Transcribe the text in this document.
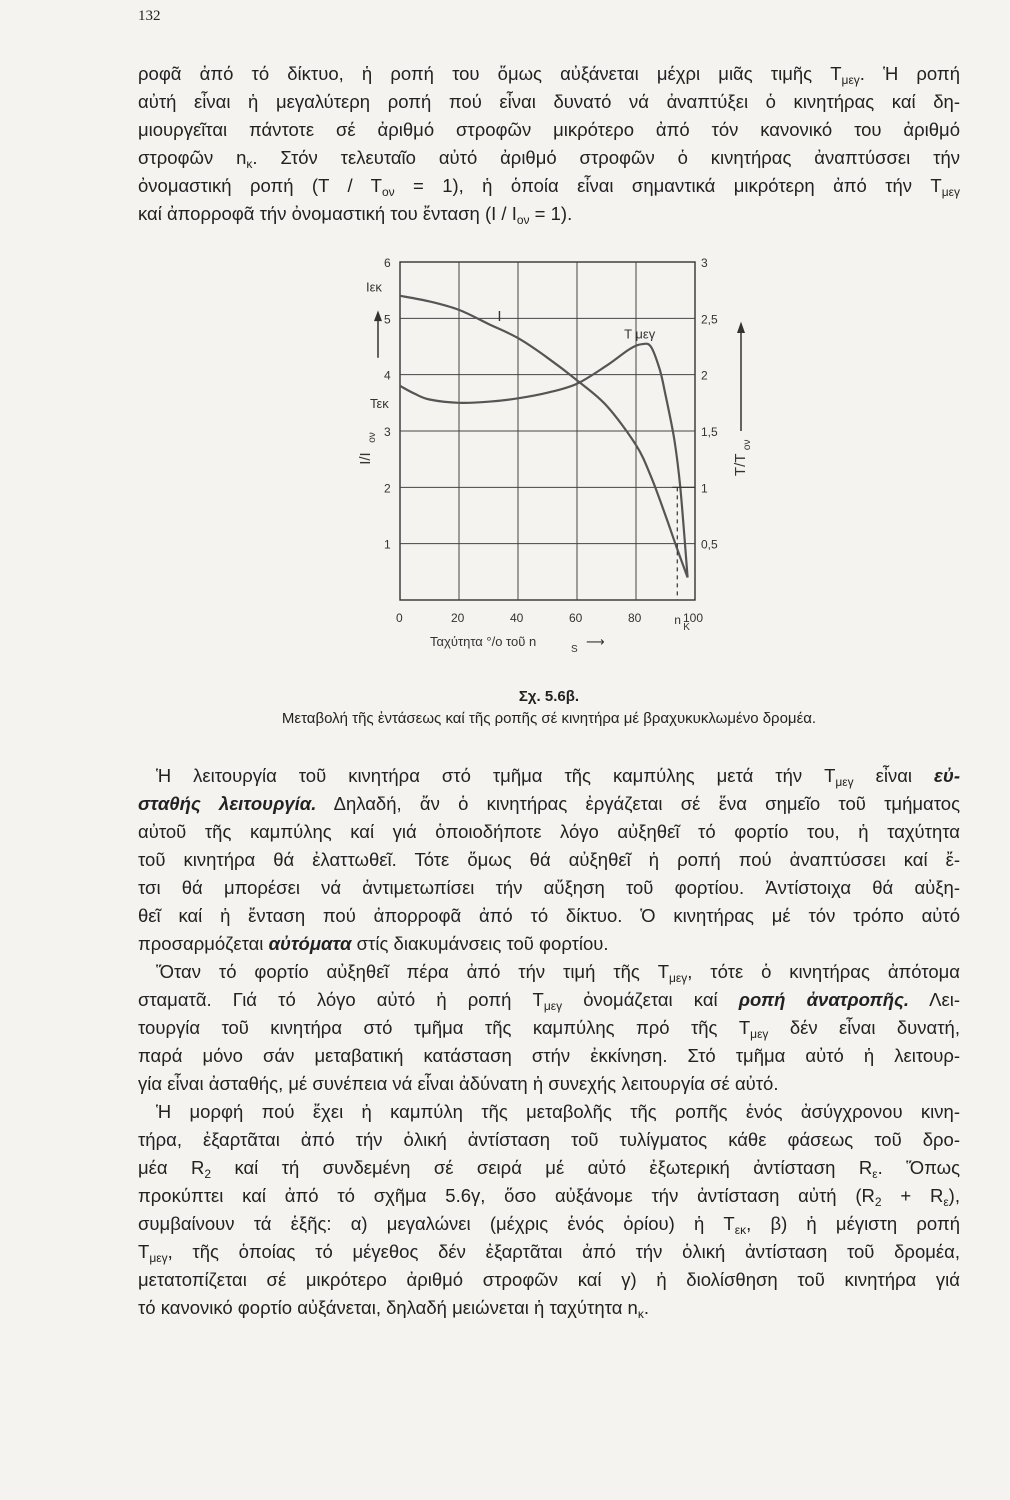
132

ροφᾶ ἀπό τό δίκτυο, ἡ ροπή του ὅμως αὐξάνεται μέχρι μιᾶς τιμῆς $T_{\mu\varepsilon\gamma}$. Ἡ ροπή

αὐτή εἶναι ἡ μεγαλύτερη ροπή πού εἶναι δυνατό νά ἀναπτύξει ὁ κινητήρας καί δη-

μιουργεῖται πάντοτε σέ ἀριθμό στροφῶν μικρότερο ἀπό τόν κανονικό του ἀριθμό

στροφῶν $n_\kappa$. Στόν τελευταῖο αὐτό ἀριθμό στροφῶν ὁ κινητήρας ἀναπτύσσει τήν

ὀνομαστική ροπή $(T / T_{o\nu} = 1)$, ἡ ὁποία εἶναι σημαντικά μικρότερη ἀπό τήν $T_{\mu\varepsilon\gamma}$

καί ἀπορροφᾶ τήν ὀνομαστική του ἔνταση $(I / I_{o\nu} = 1)$.

1
2
3
4
5
6
0,5
1
1,5
2
2,5
3
0	20	40	60	80	n
K
100
Ταχύτητα °/ο τοῦ n
S
⟶
I/I
ον
T/T
ον
I
T μεγ
Ιεκ
Τεκ
Σχ. 5.6β.
Μεταβολή τῆς ἐντάσεως καί τῆς ροπῆς σέ κινητήρα μέ βραχυκυκλωμένο δρομέα.

Ἡ λειτουργία τοῦ κινητήρα στό τμῆμα τῆς καμπύλης μετά τήν $T_{\mu\varepsilon\gamma}$ εἶναι εὐ-

σταθής λειτουργία. Δηλαδή, ἄν ὁ κινητήρας ἐργάζεται σέ ἕνα σημεῖο τοῦ τμήματος

αὐτοῦ τῆς καμπύλης καί γιά ὁποιοδήποτε λόγο αὐξηθεῖ τό φορτίο του, ἡ ταχύτητα

τοῦ κινητήρα θά ἐλαττωθεῖ. Τότε ὅμως θά αὐξηθεῖ ἡ ροπή πού ἀναπτύσσει καί ἔ-

τσι θά μπορέσει νά ἀντιμετωπίσει τήν αὔξηση τοῦ φορτίου. Ἀντίστοιχα θά αὐξη-

θεῖ καί ἡ ἔνταση πού ἀπορροφᾶ ἀπό τό δίκτυο. Ὁ κινητήρας μέ τόν τρόπο αὐτό

προσαρμόζεται αὐτόματα στίς διακυμάνσεις τοῦ φορτίου.

Ὅταν τό φορτίο αὐξηθεῖ πέρα ἀπό τήν τιμή τῆς $T_{\mu\varepsilon\gamma}$, τότε ὁ κινητήρας ἀπότομα

σταματᾶ. Γιά τό λόγο αὐτό ἡ ροπή $T_{\mu\varepsilon\gamma}$ ὀνομάζεται καί ροπή ἀνατροπῆς. Λει-

τουργία τοῦ κινητήρα στό τμῆμα τῆς καμπύλης πρό τῆς $T_{\mu\varepsilon\gamma}$ δέν εἶναι δυνατή,

παρά μόνο σάν μεταβατική κατάσταση στήν ἐκκίνηση. Στό τμῆμα αὐτό ἡ λειτουρ-

γία εἶναι ἀσταθής, μέ συνέπεια νά εἶναι ἀδύνατη ἡ συνεχής λειτουργία σέ αὐτό.

Ἡ μορφή πού ἔχει ἡ καμπύλη τῆς μεταβολῆς τῆς ροπῆς ἑνός ἀσύγχρονου κινη-

τήρα, ἐξαρτᾶται ἀπό τήν ὁλική ἀντίσταση τοῦ τυλίγματος κάθε φάσεως τοῦ δρο-

μέα $R_2$ καί τή συνδεμένη σέ σειρά μέ αὐτό ἐξωτερική ἀντίσταση $R_\varepsilon$. Ὅπως

προκύπτει καί ἀπό τό σχῆμα 5.6γ, ὅσο αὐξάνομε τήν ἀντίσταση αὐτή $(R_2 + R_\varepsilon)$,

συμβαίνουν τά ἑξῆς: α) μεγαλώνει (μέχρις ἑνός ὁρίου) ἡ $T_{\varepsilon\kappa}$, β) ἡ μέγιστη ροπή

$T_{\mu\varepsilon\gamma}$, τῆς ὁποίας τό μέγεθος δέν ἐξαρτᾶται ἀπό τήν ὁλική ἀντίσταση τοῦ δρομέα,

μετατοπίζεται σέ μικρότερο ἀριθμό στροφῶν καί γ) ἡ διολίσθηση τοῦ κινητήρα γιά

τό κανονικό φορτίο αὐξάνεται, δηλαδή μειώνεται ἡ ταχύτητα $n_\kappa$.
